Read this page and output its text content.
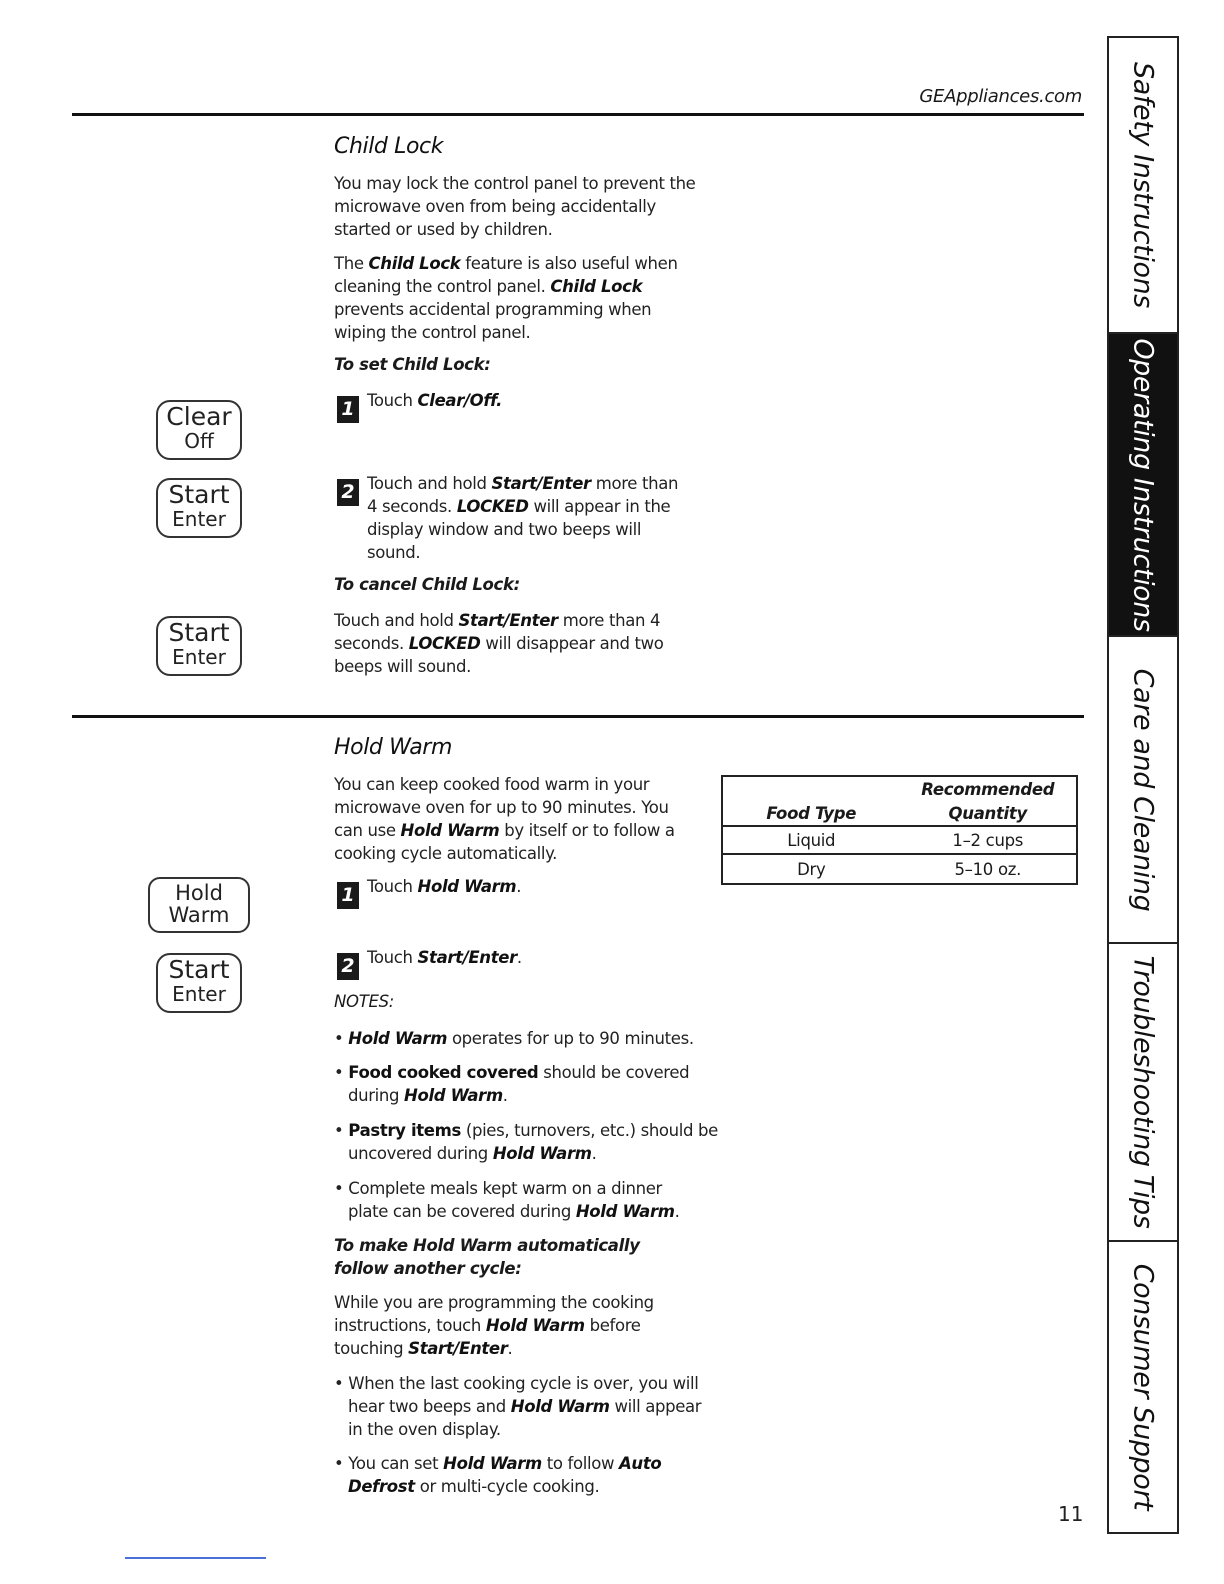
GEAppliances.com
Child Lock

You may lock the control panel to prevent the microwave oven from being accidentally started or used by children.

The Child Lock feature is also useful when cleaning the control panel. Child Lock prevents accidental programming when wiping the control panel.

To set Child Lock:
1 Touch Clear/Off.

2 Touch and hold Start/Enter more than 4 seconds. LOCKED will appear in the display window and two beeps will sound.

To cancel Child Lock:

Touch and hold Start/Enter more than 4 seconds. LOCKED will disappear and two beeps will sound.

Clear
Off
Start
Enter
Start
Enter
Hold Warm

You can keep cooked food warm in your microwave oven for up to 90 minutes. You can use Hold Warm by itself or to follow a cooking cycle automatically.

1 Touch Hold Warm.

2 Touch Start/Enter.

NOTES:

• Hold Warm operates for up to 90 minutes.

• Food cooked covered should be covered during Hold Warm.

• Pastry items (pies, turnovers, etc.) should be uncovered during Hold Warm.

• Complete meals kept warm on a dinner plate can be covered during Hold Warm.

To make Hold Warm automatically follow another cycle:

While you are programming the cooking instructions, touch Hold Warm before touching Start/Enter.

• When the last cooking cycle is over, you will hear two beeps and Hold Warm will appear in the oven display.

• You can set Hold Warm to follow Auto Defrost or multi-cycle cooking.

Hold
Warm
Start
Enter
	Recommended
Food Type	Quantity
Liquid	1–2 cups
Dry	5–10 oz.
Safety Instructions
Operating Instructions
Care and Cleaning
Troubleshooting Tips
Consumer Support
11
